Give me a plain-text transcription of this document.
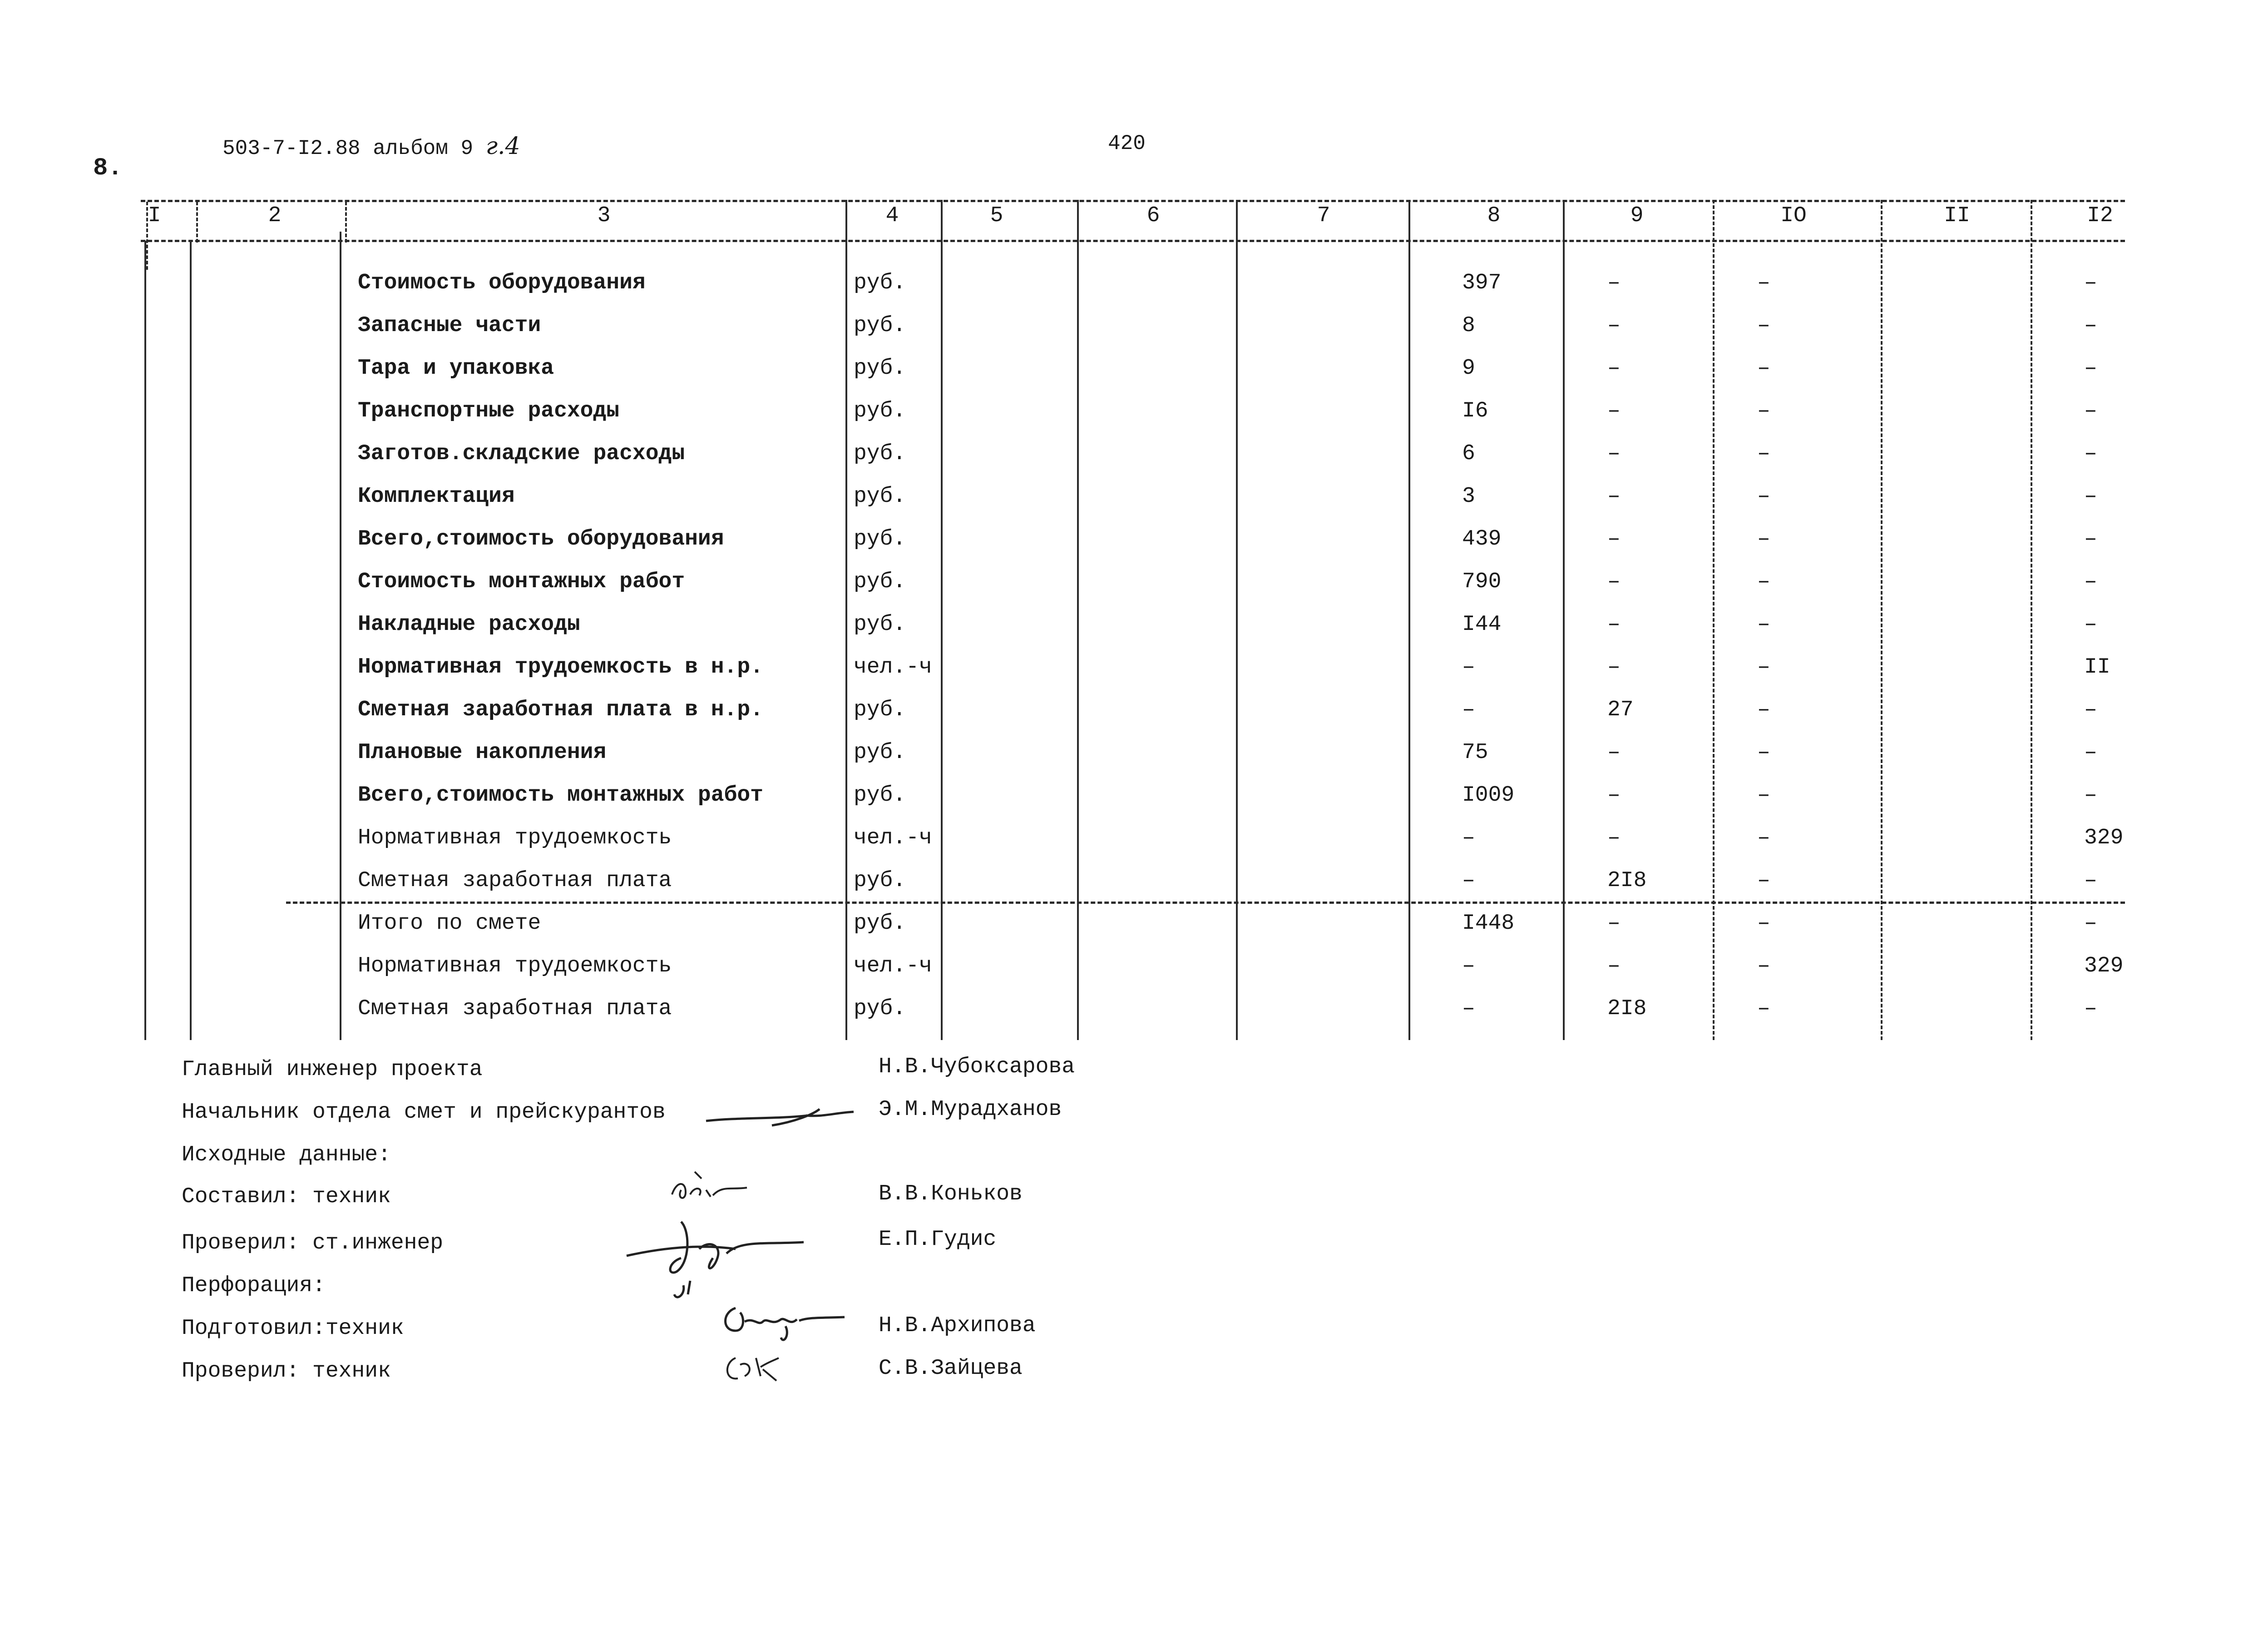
8.
503-7-I2.88 альбом 9 г.4	420
I	2	3	4	5	6	7	8	9	IO	II	I2
Стоимость оборудования	руб.	397	–	–	–
Запасные части	руб.	8	–	–	–
Тара и упаковка	руб.	9	–	–	–
Транспортные расходы	руб.	I6	–	–	–
Заготов.складские расходы	руб.	6	–	–	–
Комплектация	руб.	3	–	–	–
Всего,стоимость оборудования	руб.	439	–	–	–
Стоимость монтажных работ	руб.	790	–	–	–
Накладные расходы	руб.	I44	–	–	–
Нормативная трудоемкость в н.р.	чел.-ч	–	–	–	II
Сметная заработная плата в н.р.	руб.	–	27	–	–
Плановые накопления	руб.	75	–	–	–
Всего,стоимость монтажных работ	руб.	I009	–	–	–
Нормативная трудоемкость	чел.-ч	–	–	–	329
Сметная заработная плата	руб.	–	2I8	–	–
Итого по смете	руб.	I448	–	–	–
Нормативная трудоемкость	чел.-ч	–	–	–	329
Сметная заработная плата	руб.	–	2I8	–	–
Главный инженер проекта	Н.В.Чубоксарова
Начальник отдела смет и прейскурантов	Э.М.Мурадханов
Исходные данные:
Составил: техник	В.В.Коньков
Проверил: ст.инженер	Е.П.Гудис
Перфорация:
Подготовил:техник	Н.В.Архипова
Проверил: техник	С.В.Зайцева
